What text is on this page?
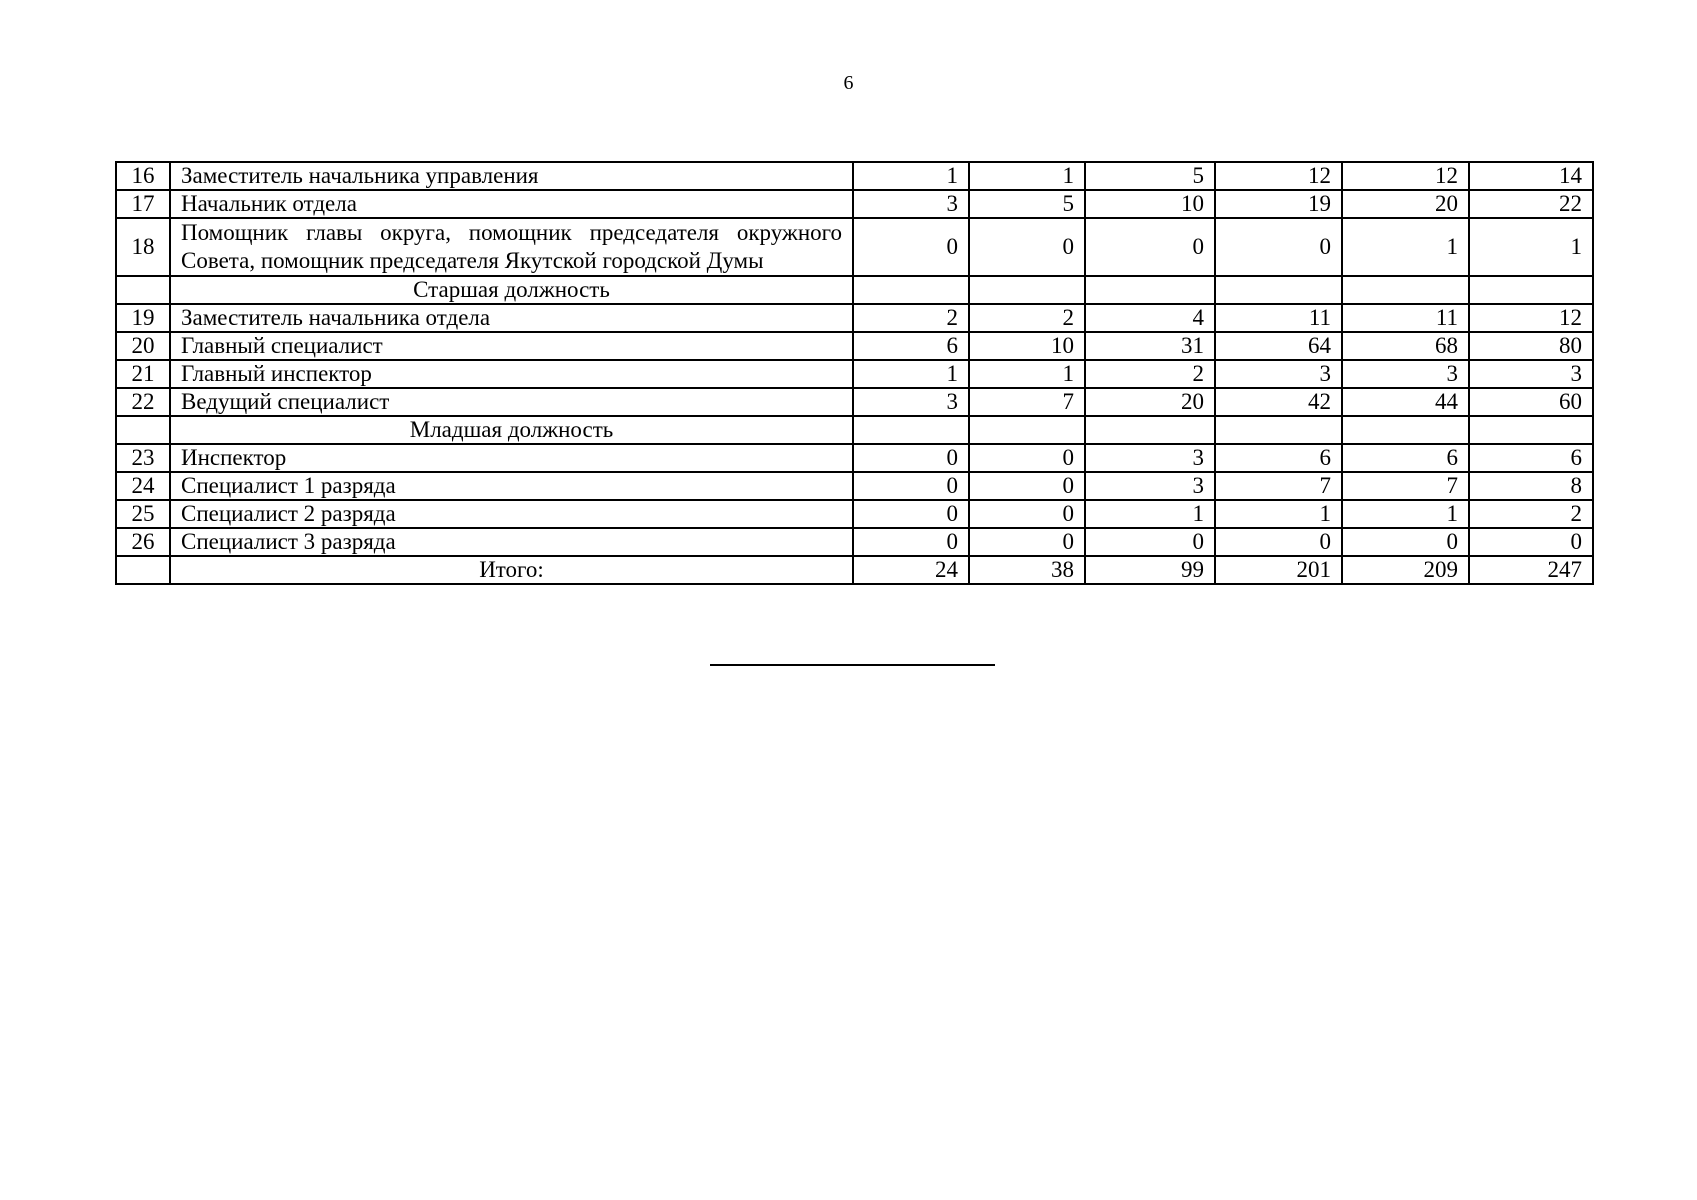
6
16	Заместитель начальника управления	1	1	5	12	12	14
17	Начальник отдела	3	5	10	19	20	22
18	Помощник главы округа, помощник председателя окружного Совета, помощник председателя Якутской городской Думы	0	0	0	0	1	1
	Старшая должность						
19	Заместитель начальника отдела	2	2	4	11	11	12
20	Главный специалист	6	10	31	64	68	80
21	Главный инспектор	1	1	2	3	3	3
22	Ведущий специалист	3	7	20	42	44	60
	Младшая должность						
23	Инспектор	0	0	3	6	6	6
24	Специалист 1 разряда	0	0	3	7	7	8
25	Специалист 2 разряда	0	0	1	1	1	2
26	Специалист 3 разряда	0	0	0	0	0	0
	Итого:	24	38	99	201	209	247
